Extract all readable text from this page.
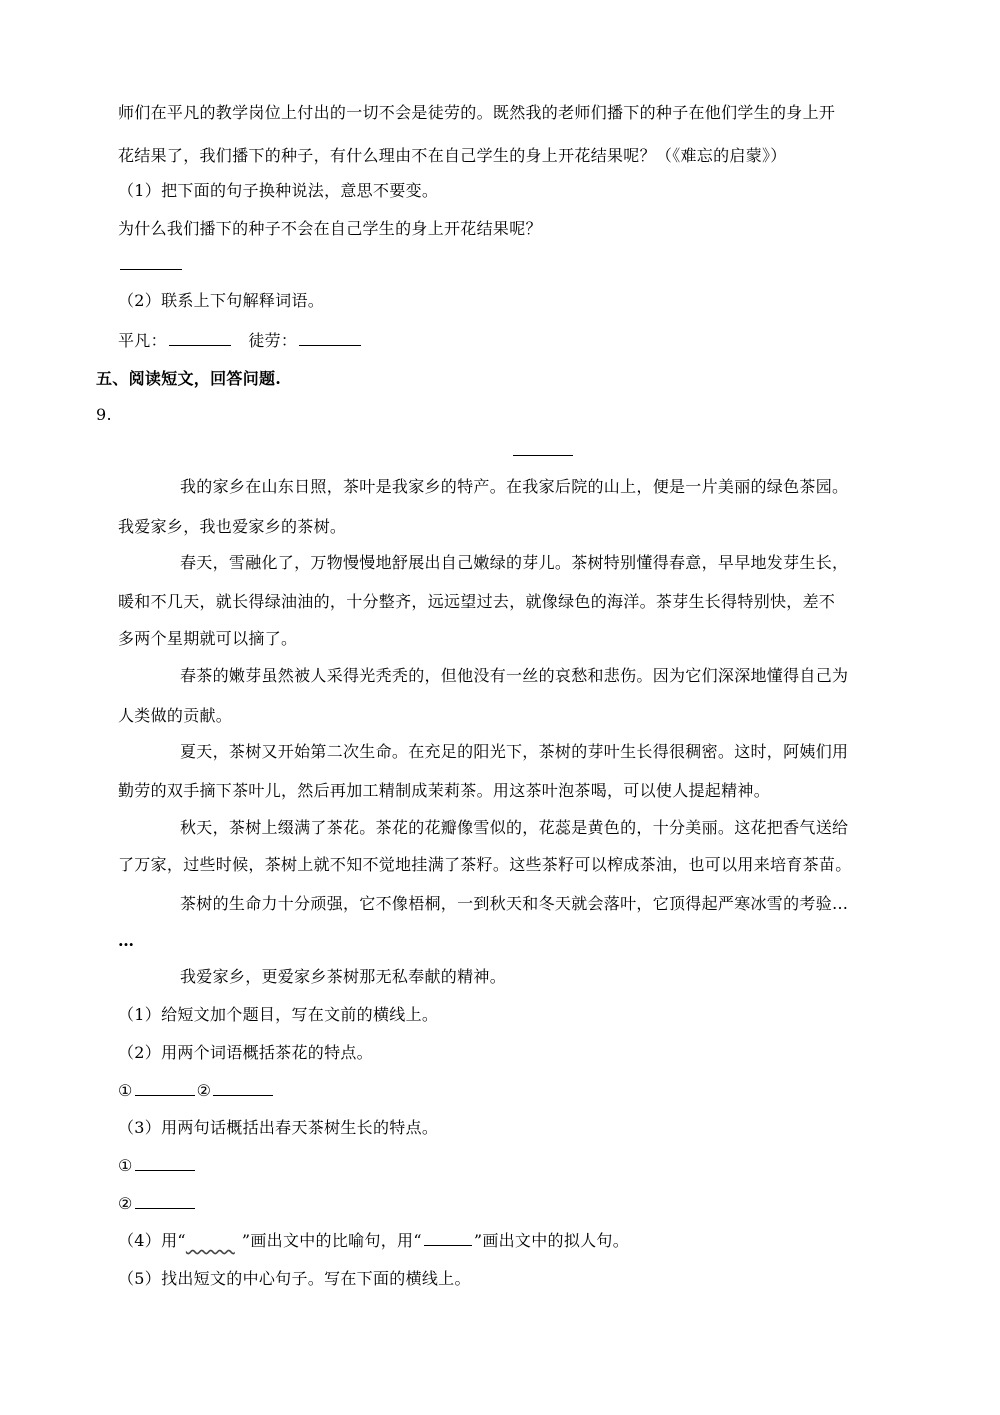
师们在平凡的教学岗位上付出的一切不会是徒劳的。既然我的老师们播下的种子在他们学生的身上开
花结果了，我们播下的种子，有什么理由不在自己学生的身上开花结果呢？（《难忘的启蒙》）
（1）把下面的句子换种说法，意思不要变。
为什么我们播下的种子不会在自己学生的身上开花结果呢？
（2）联系上下句解释词语。
平凡：	徒劳：
五、阅读短文，回答问题.
9.
我的家乡在山东日照，茶叶是我家乡的特产。在我家后院的山上，便是一片美丽的绿色茶园。
我爱家乡，我也爱家乡的茶树。
春天，雪融化了，万物慢慢地舒展出自己嫩绿的芽儿。茶树特别懂得春意，早早地发芽生长，
暖和不几天，就长得绿油油的，十分整齐，远远望过去，就像绿色的海洋。茶芽生长得特别快，差不
多两个星期就可以摘了。
春茶的嫩芽虽然被人采得光秃秃的，但他没有一丝的哀愁和悲伤。因为它们深深地懂得自己为
人类做的贡献。
夏天，茶树又开始第二次生命。在充足的阳光下，茶树的芽叶生长得很稠密。这时，阿姨们用
勤劳的双手摘下茶叶儿，然后再加工精制成茉莉茶。用这茶叶泡茶喝，可以使人提起精神。
秋天，茶树上缀满了茶花。茶花的花瓣像雪似的，花蕊是黄色的，十分美丽。这花把香气送给
了万家，过些时候，茶树上就不知不觉地挂满了茶籽。这些茶籽可以榨成茶油，也可以用来培育茶苗。
茶树的生命力十分顽强，它不像梧桐，一到秋天和冬天就会落叶，它顶得起严寒冰雪的考验…
…
我爱家乡，更爱家乡茶树那无私奉献的精神。
（1）给短文加个题目，写在文前的横线上。
（2）用两个词语概括茶花的特点。
①	②
（3）用两句话概括出春天茶树生长的特点。
①
②
（4）用“   	”画出文中的比喻句，用“	”画出文中的拟人句。
（5）找出短文的中心句子。写在下面的横线上。
